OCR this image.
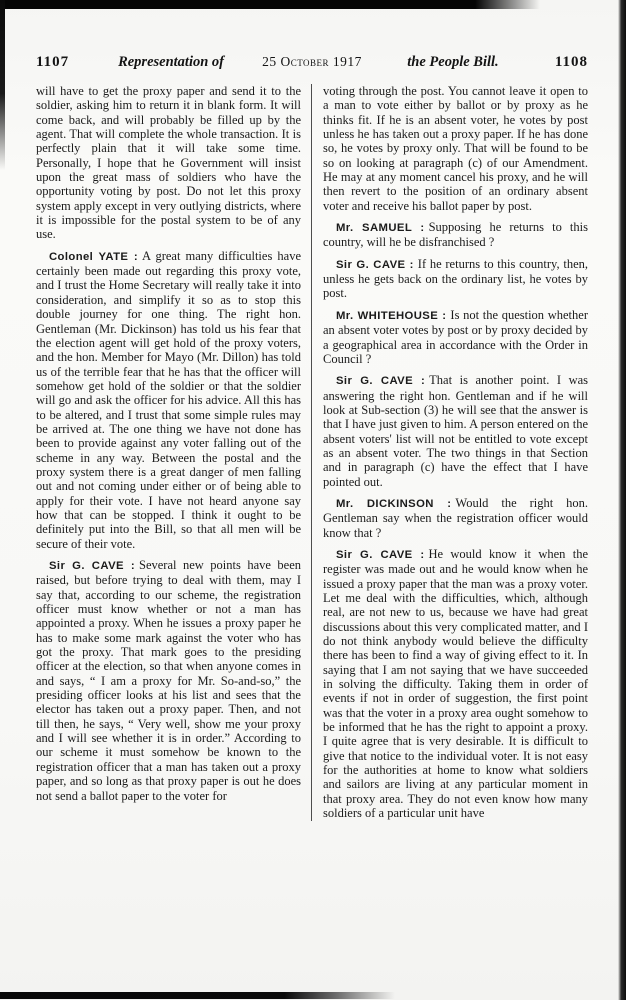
1107	Representation of	25 October 1917	the People Bill.	1108

will have to get the proxy paper and send it to the soldier, asking him to return it in blank form. It will come back, and will probably be filled up by the agent. That will complete the whole transaction. It is perfectly plain that it will take some time. Personally, I hope that he Government will insist upon the great mass of soldiers who have the opportunity voting by post. Do not let this proxy system apply except in very outlying districts, where it is impossible for the postal system to be of any use.

Colonel YATE : A great many difficulties have certainly been made out regarding this proxy vote, and I trust the Home Secretary will really take it into consideration, and simplify it so as to stop this double journey for one thing. The right hon. Gentleman (Mr. Dickinson) has told us his fear that the election agent will get hold of the proxy voters, and the hon. Member for Mayo (Mr. Dillon) has told us of the terrible fear that he has that the officer will somehow get hold of the soldier or that the soldier will go and ask the officer for his advice. All this has to be altered, and I trust that some simple rules may be arrived at. The one thing we have not done has been to provide against any voter falling out of the scheme in any way. Between the postal and the proxy system there is a great danger of men falling out and not coming under either or of being able to apply for their vote. I have not heard anyone say how that can be stopped. I think it ought to be definitely put into the Bill, so that all men will be secure of their vote.

Sir G. CAVE : Several new points have been raised, but before trying to deal with them, may I say that, according to our scheme, the registration officer must know whether or not a man has appointed a proxy. When he issues a proxy paper he has to make some mark against the voter who has got the proxy. That mark goes to the presiding officer at the election, so that when anyone comes in and says, “ I am a proxy for Mr. So-and-so,” the presiding officer looks at his list and sees that the elector has taken out a proxy paper. Then, and not till then, he says, “ Very well, show me your proxy and I will see whether it is in order.” According to our scheme it must somehow be known to the registration officer that a man has taken out a proxy paper, and so long as that proxy paper is out he does not send a ballot paper to the voter for

voting through the post. You cannot leave it open to a man to vote either by ballot or by proxy as he thinks fit. If he is an absent voter, he votes by post unless he has taken out a proxy paper. If he has done so, he votes by proxy only. That will be found to be so on looking at paragraph (c) of our Amendment. He may at any moment cancel his proxy, and he will then revert to the position of an ordinary absent voter and receive his ballot paper by post.

Mr. SAMUEL : Supposing he returns to this country, will he be disfranchised ?

Sir G. CAVE : If he returns to this country, then, unless he gets back on the ordinary list, he votes by post.

Mr. WHITEHOUSE : Is not the question whether an absent voter votes by post or by proxy decided by a geographical area in accordance with the Order in Council ?

Sir G. CAVE : That is another point. I was answering the right hon. Gentleman and if he will look at Sub-section (3) he will see that the answer is that I have just given to him. A person entered on the absent voters' list will not be entitled to vote except as an absent voter. The two things in that Section and in paragraph (c) have the effect that I have pointed out.

Mr. DICKINSON : Would the right hon. Gentleman say when the registration officer would know that ?

Sir G. CAVE : He would know it when the register was made out and he would know when he issued a proxy paper that the man was a proxy voter. Let me deal with the difficulties, which, although real, are not new to us, because we have had great discussions about this very complicated matter, and I do not think anybody would believe the difficulty there has been to find a way of giving effect to it. In saying that I am not saying that we have succeeded in solving the difficulty. Taking them in order of events if not in order of suggestion, the first point was that the voter in a proxy area ought somehow to be informed that he has the right to appoint a proxy. I quite agree that is very desirable. It is difficult to give that notice to the individual voter. It is not easy for the authorities at home to know what soldiers and sailors are living at any particular moment in that proxy area. They do not even know how many soldiers of a particular unit have
